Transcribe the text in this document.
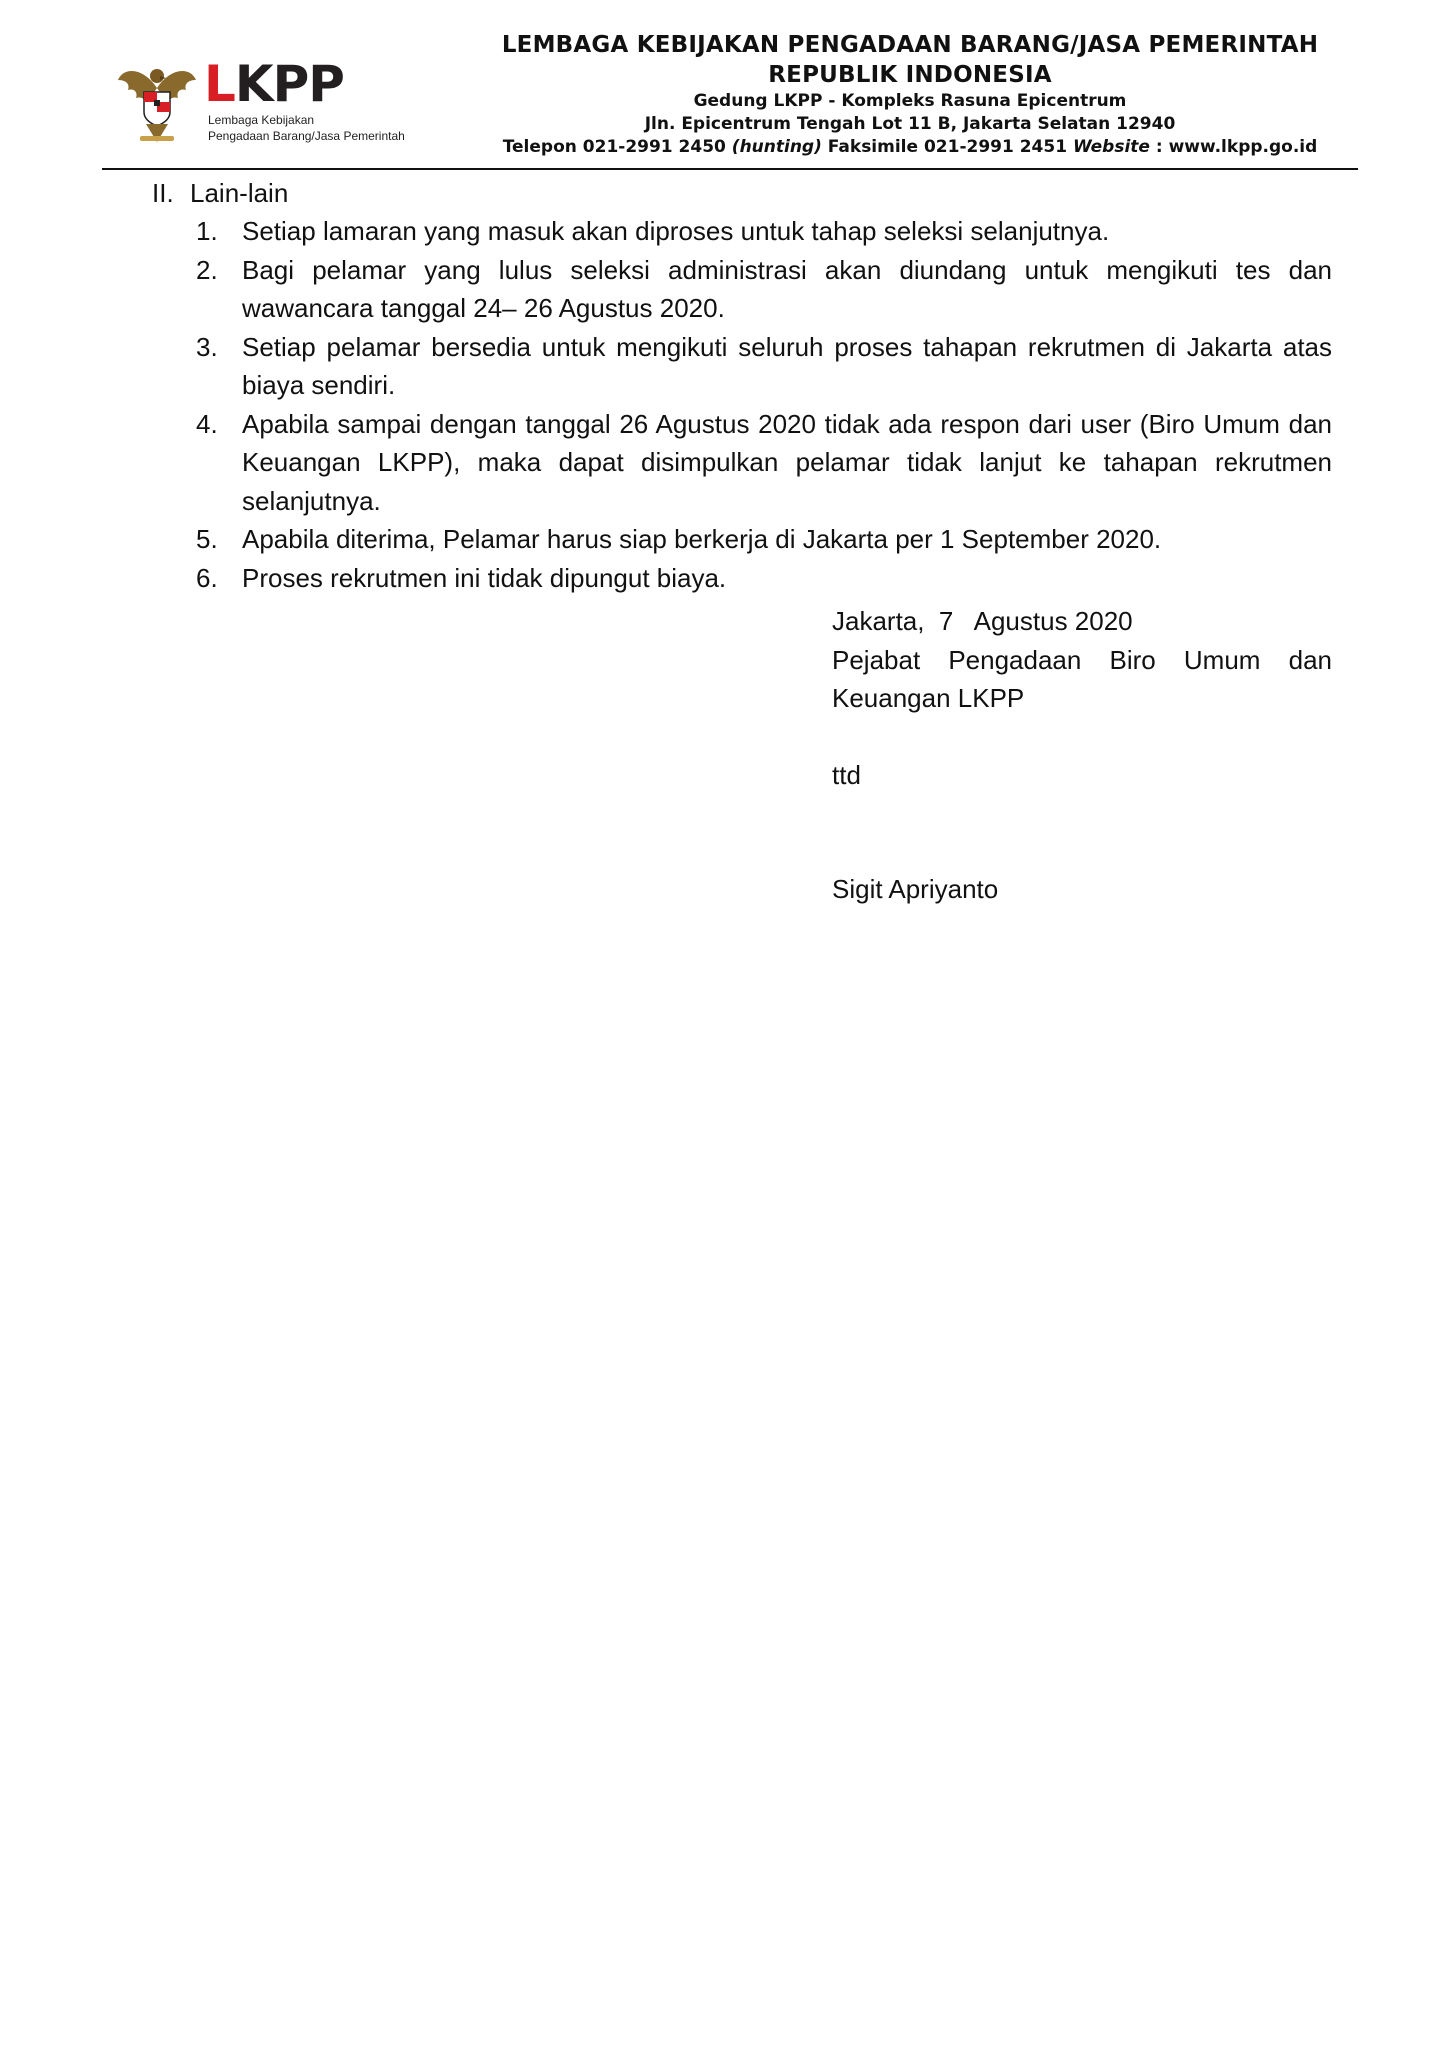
LKPP
Lembaga Kebijakan
Pengadaan Barang/Jasa Pemerintah
LEMBAGA KEBIJAKAN PENGADAAN BARANG/JASA PEMERINTAH
REPUBLIK INDONESIA
Gedung LKPP - Kompleks Rasuna Epicentrum
Jln. Epicentrum Tengah Lot 11 B, Jakarta Selatan 12940
Telepon 021-2991 2450 (hunting) Faksimile 021-2991 2451 Website : www.lkpp.go.id
II. Lain-lain
1. Setiap lamaran yang masuk akan diproses untuk tahap seleksi selanjutnya.
2. Bagi pelamar yang lulus seleksi administrasi akan diundang untuk mengikuti tes dan wawancara tanggal 24– 26 Agustus 2020.
3. Setiap pelamar bersedia untuk mengikuti seluruh proses tahapan rekrutmen di Jakarta atas biaya sendiri.
4. Apabila sampai dengan tanggal 26 Agustus 2020 tidak ada respon dari user (Biro Umum dan Keuangan LKPP), maka dapat disimpulkan pelamar tidak lanjut ke tahapan rekrutmen selanjutnya.
5. Apabila diterima, Pelamar harus siap berkerja di Jakarta per 1 September 2020.
6. Proses rekrutmen ini tidak dipungut biaya.
Jakarta,  7   Agustus 2020
Pejabat Pengadaan Biro Umum dan
Keuangan LKPP
ttd
Sigit Apriyanto
